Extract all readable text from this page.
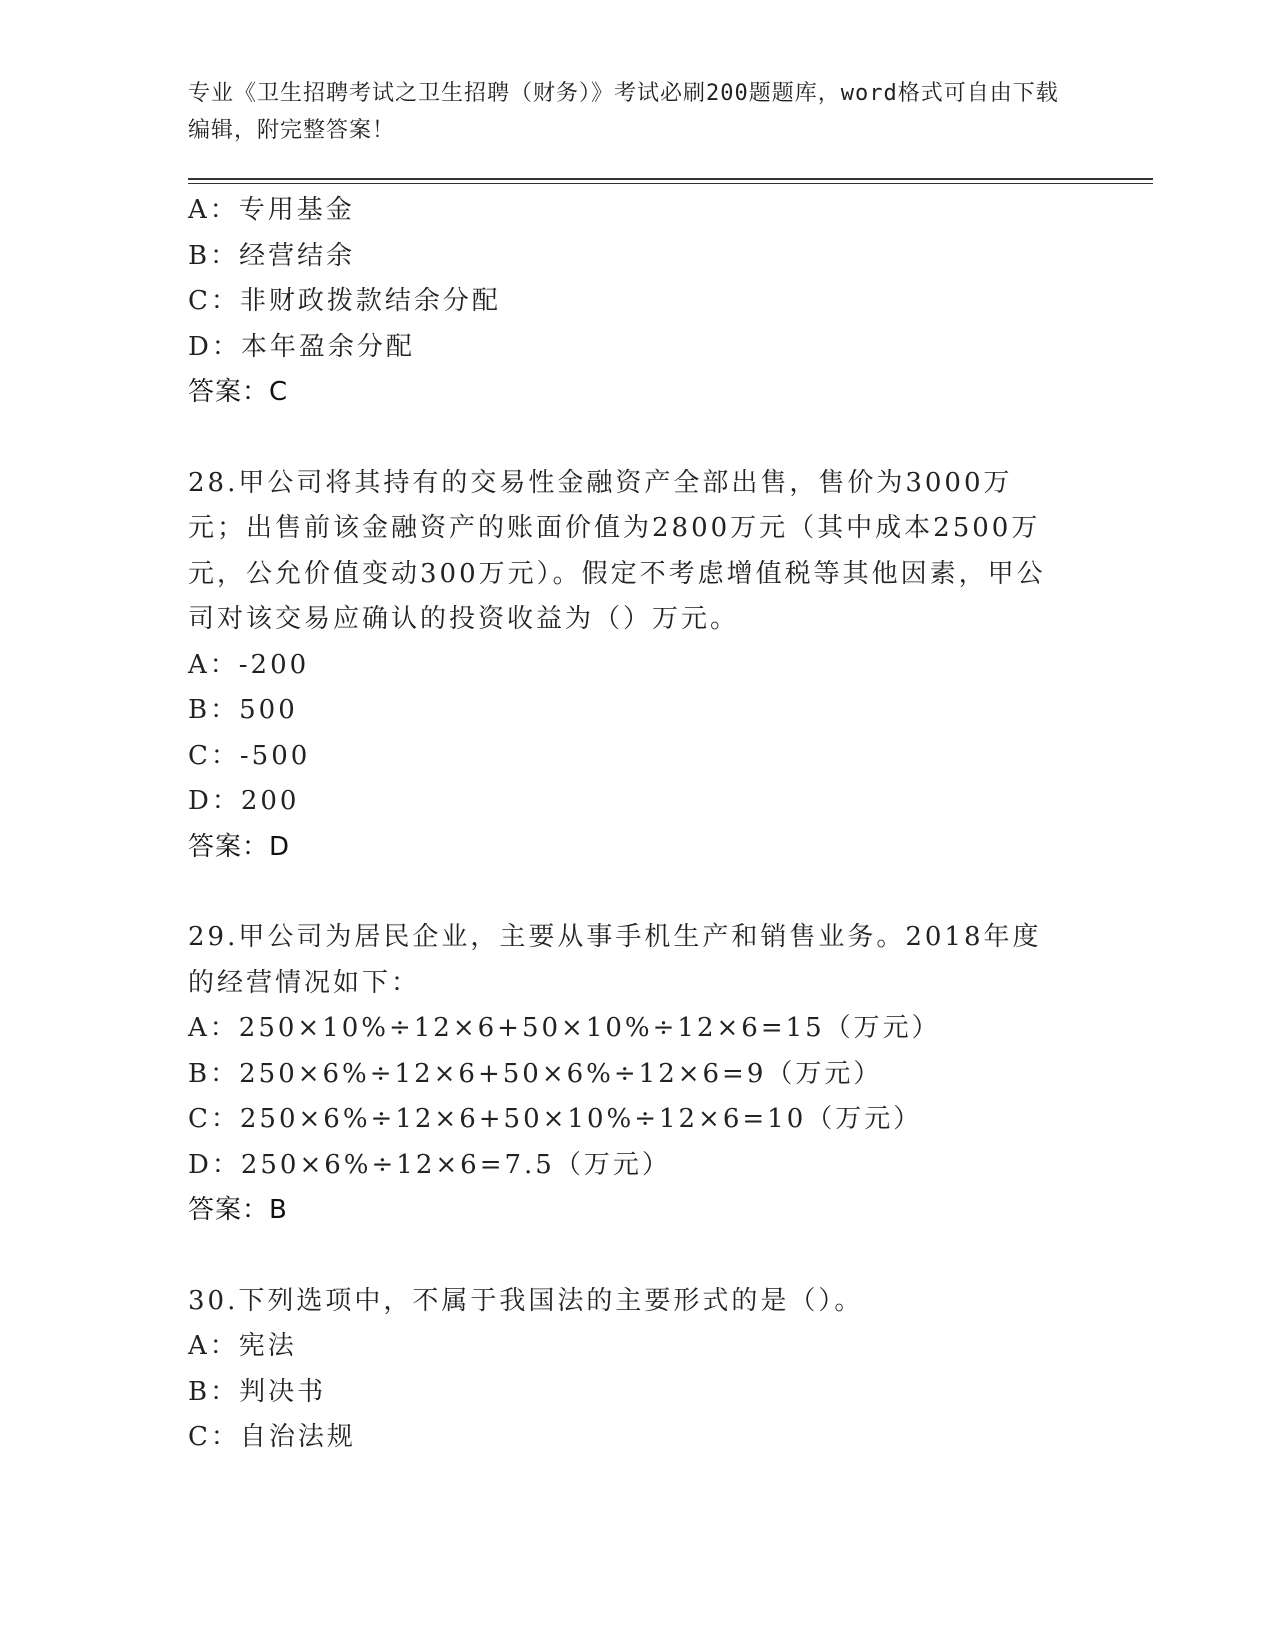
专业《卫生招聘考试之卫生招聘（财务）》考试必刷200题题库，word格式可自由下载编辑，附完整答案！
A：专用基金
B：经营结余
C：非财政拨款结余分配
D：本年盈余分配
答案：C
28.甲公司将其持有的交易性金融资产全部出售，售价为3000万元；出售前该金融资产的账面价值为2800万元（其中成本2500万元，公允价值变动300万元）。假定不考虑增值税等其他因素，甲公司对该交易应确认的投资收益为（）万元。
A：-200
B：500
C：-500
D：200
答案：D
29.甲公司为居民企业，主要从事手机生产和销售业务。2018年度的经营情况如下：
A：250×10%÷12×6+50×10%÷12×6=15（万元）
B：250×6%÷12×6+50×6%÷12×6=9（万元）
C：250×6%÷12×6+50×10%÷12×6=10（万元）
D：250×6%÷12×6=7.5（万元）
答案：B
30.下列选项中，不属于我国法的主要形式的是（）。
A：宪法
B：判决书
C：自治法规
